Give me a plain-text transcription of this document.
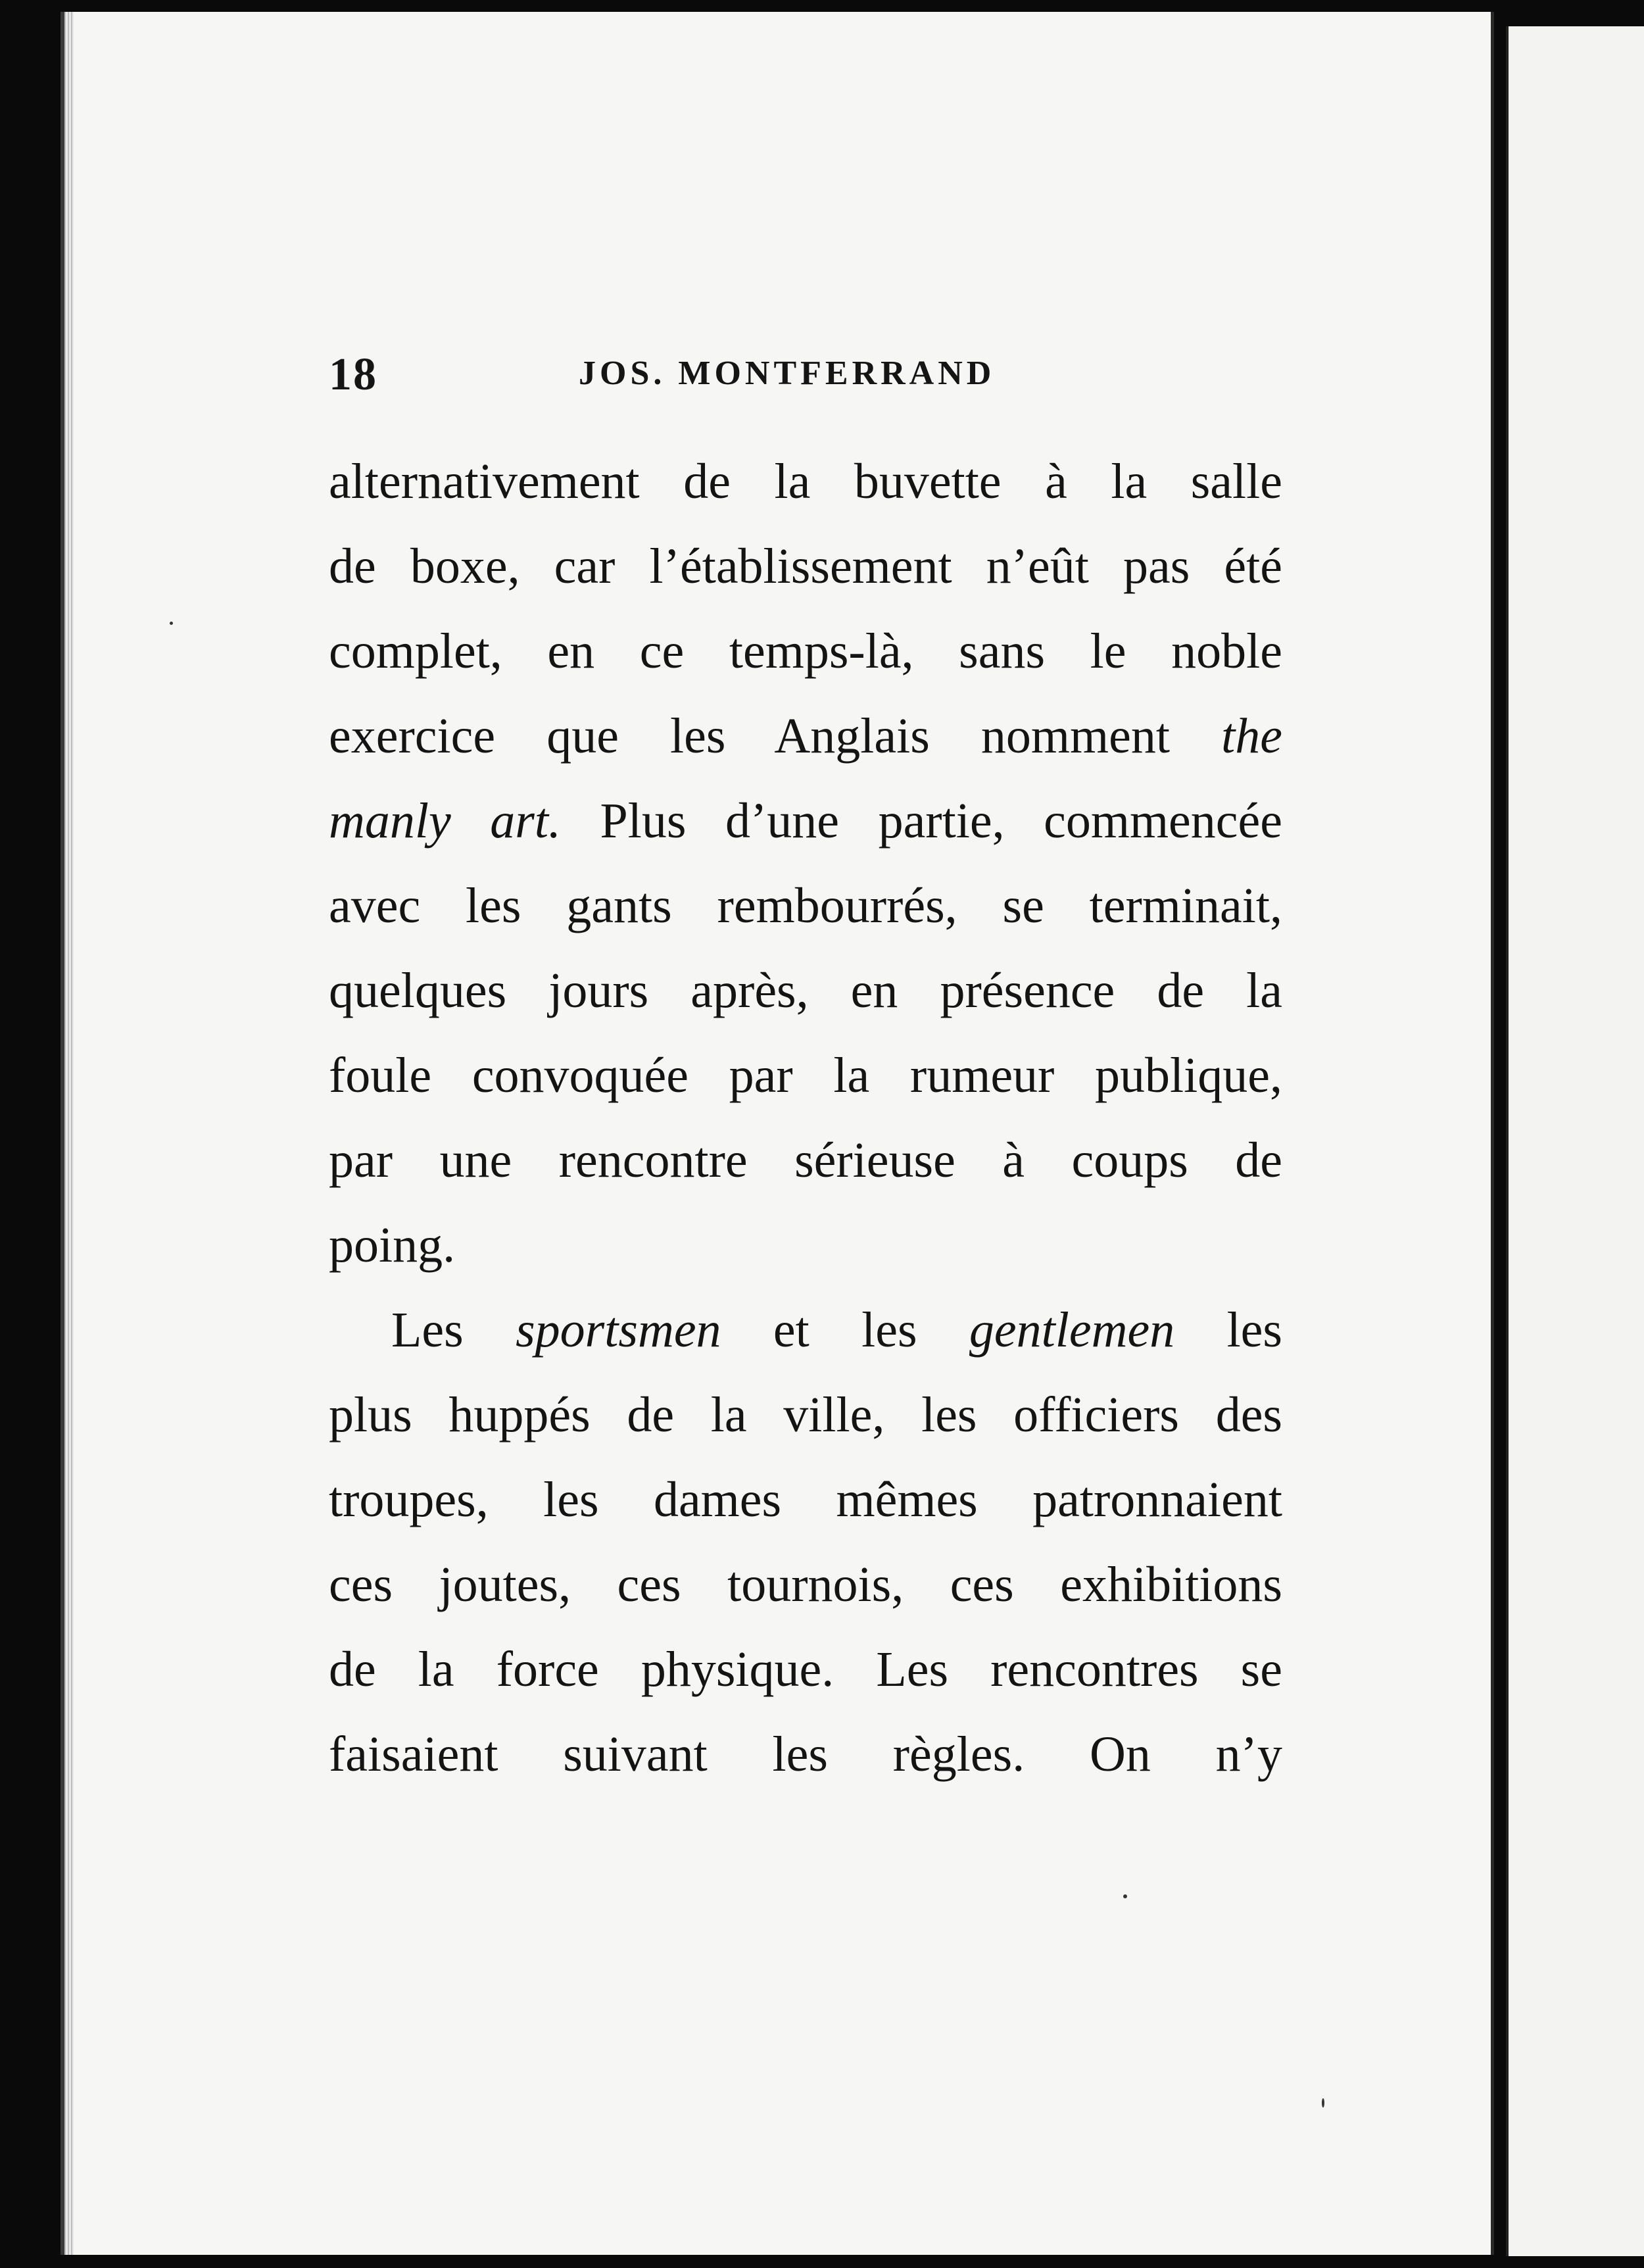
18	JOS. MONTFERRAND
alternativement de la buvette à la salle
de boxe, car l’établissement n’eût pas été
complet, en ce temps-là, sans le noble
exercice que les Anglais nomment the
manly art. Plus d’une partie, commencée
avec les gants rembourrés, se terminait,
quelques jours après, en présence de la
foule convoquée par la rumeur publique,
par une rencontre sérieuse à coups de
poing.
Les sportsmen et les gentlemen les
plus huppés de la ville, les officiers des
troupes, les dames mêmes patronnaient
ces joutes, ces tournois, ces exhibitions
de la force physique. Les rencontres se
faisaient suivant les règles. On n’y
